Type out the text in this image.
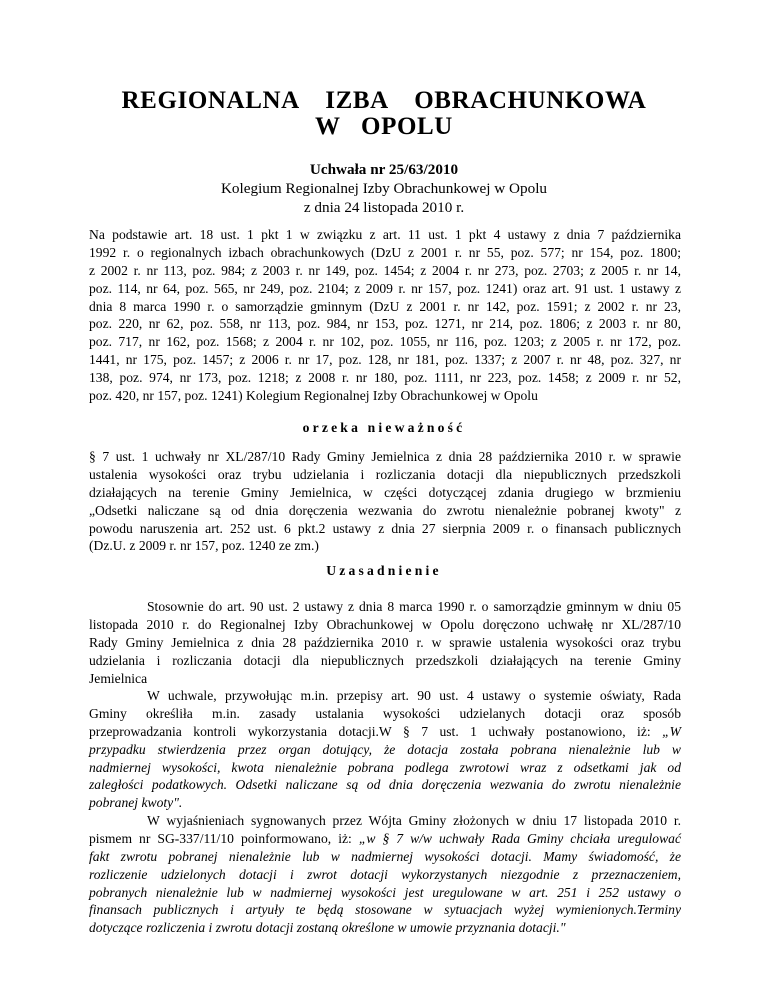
REGIONALNA IZBA OBRACHUNKOWA
W OPOLU
Uchwała nr 25/63/2010
Kolegium Regionalnej Izby Obrachunkowej w Opolu
z dnia 24 listopada 2010 r.
Na podstawie art. 18 ust. 1 pkt 1 w związku z art. 11 ust. 1 pkt 4 ustawy z dnia 7 października
1992 r. o regionalnych izbach obrachunkowych (DzU z 2001 r. nr 55, poz. 577; nr 154, poz. 1800;
z 2002 r. nr 113, poz. 984; z 2003 r. nr 149, poz. 1454; z 2004 r. nr 273, poz. 2703; z 2005 r. nr 14,
poz. 114, nr 64, poz. 565, nr 249, poz. 2104; z 2009 r. nr 157, poz. 1241) oraz art. 91 ust. 1 ustawy z
dnia 8 marca 1990 r. o samorządzie gminnym (DzU z 2001 r. nr 142, poz. 1591; z 2002 r. nr 23,
poz. 220, nr 62, poz. 558, nr 113, poz. 984, nr 153, poz. 1271, nr 214, poz. 1806; z 2003 r. nr 80,
poz. 717, nr 162, poz. 1568; z 2004 r. nr 102, poz. 1055, nr 116, poz. 1203; z 2005 r. nr 172, poz.
1441, nr 175, poz. 1457; z 2006 r. nr 17, poz. 128, nr 181, poz. 1337; z 2007 r. nr 48, poz. 327, nr
138, poz. 974, nr 173, poz. 1218; z 2008 r. nr 180, poz. 1111, nr 223, poz. 1458; z 2009 r. nr 52,
poz. 420, nr 157, poz. 1241) Kolegium Regionalnej Izby Obrachunkowej w Opolu
orzeka nieważność
§ 7 ust. 1 uchwały nr XL/287/10 Rady Gminy Jemielnica z dnia 28 października 2010 r. w sprawie
ustalenia wysokości oraz trybu udzielania i rozliczania dotacji dla niepublicznych przedszkoli
działających na terenie Gminy Jemielnica, w części dotyczącej zdania drugiego w brzmieniu
„Odsetki naliczane są od dnia doręczenia wezwania do zwrotu nienależnie pobranej kwoty" z
powodu naruszenia art. 252 ust. 6 pkt.2 ustawy z dnia 27 sierpnia 2009 r. o finansach publicznych
(Dz.U. z 2009 r. nr 157, poz. 1240 ze zm.)
Uzasadnienie
Stosownie do art. 90 ust. 2 ustawy z dnia 8 marca 1990 r. o samorządzie gminnym w dniu 05
listopada 2010 r. do Regionalnej Izby Obrachunkowej w Opolu doręczono uchwałę nr XL/287/10
Rady Gminy Jemielnica z dnia 28 października 2010 r. w sprawie ustalenia wysokości oraz trybu
udzielania i rozliczania dotacji dla niepublicznych przedszkoli działających na terenie Gminy
Jemielnica
W uchwale, przywołując m.in. przepisy art. 90 ust. 4 ustawy o systemie oświaty, Rada
Gminy określiła m.in. zasady ustalania wysokości udzielanych dotacji oraz sposób
przeprowadzania kontroli wykorzystania dotacji.W § 7 ust. 1 uchwały postanowiono, iż: „W
przypadku stwierdzenia przez organ dotujący, że dotacja została pobrana nienależnie lub w
nadmiernej wysokości, kwota nienależnie pobrana podlega zwrotowi wraz z odsetkami jak od
zaległości podatkowych. Odsetki naliczane są od dnia doręczenia wezwania do zwrotu nienależnie
pobranej kwoty".
W wyjaśnieniach sygnowanych przez Wójta Gminy złożonych w dniu 17 listopada 2010 r.
pismem nr SG-337/11/10 poinformowano, iż: „w § 7 w/w uchwały Rada Gminy chciała uregulować
fakt zwrotu pobranej nienależnie lub w nadmiernej wysokości dotacji. Mamy świadomość, że
rozliczenie udzielonych dotacji i zwrot dotacji wykorzystanych niezgodnie z przeznaczeniem,
pobranych nienależnie lub w nadmiernej wysokości jest uregulowane w art. 251 i 252 ustawy o
finansach publicznych i artyuły te będą stosowane w sytuacjach wyżej wymienionych.Terminy
dotyczące rozliczenia i zwrotu dotacji zostaną określone w umowie przyznania dotacji."
